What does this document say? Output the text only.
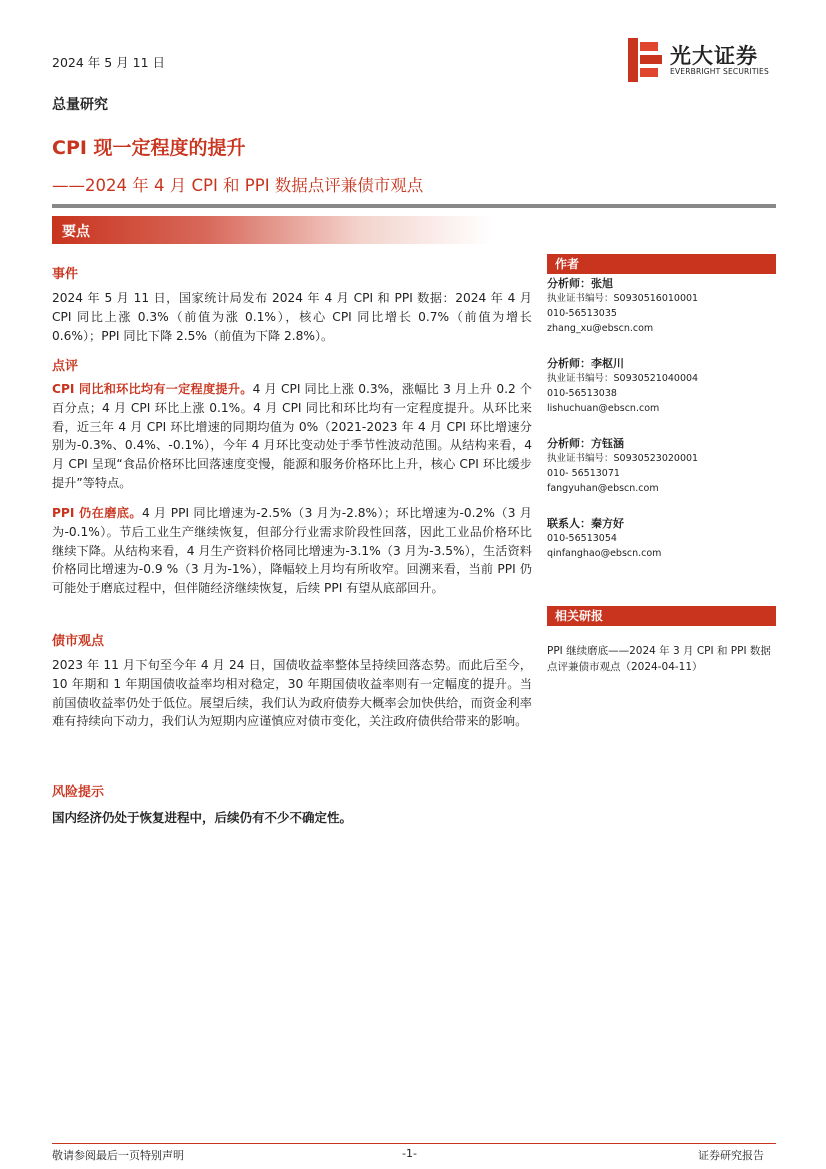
2024 年 5 月 11 日	光大证券
EVERBRIGHT SECURITIES
总量研究
CPI 现一定程度的提升
——2024 年 4 月 CPI 和 PPI 数据点评兼债市观点
要点
事件
2024 年 5 月 11 日，国家统计局发布 2024 年 4 月 CPI 和 PPI 数据：2024 年 4 月 CPI 同比上涨 0.3%（前值为涨 0.1%），核心 CPI 同比增长 0.7%（前值为增长 0.6%）；PPI 同比下降 2.5%（前值为下降 2.8%）。
点评
CPI 同比和环比均有一定程度提升。4 月 CPI 同比上涨 0.3%，涨幅比 3 月上升 0.2 个百分点；4 月 CPI 环比上涨 0.1%。4 月 CPI 同比和环比均有一定程度提升。从环比来看，近三年 4 月 CPI 环比增速的同期均值为 0%（2021-2023 年 4 月 CPI 环比增速分别为-0.3%、0.4%、-0.1%），今年 4 月环比变动处于季节性波动范围。从结构来看，4 月 CPI 呈现“食品价格环比回落速度变慢，能源和服务价格环比上升，核心 CPI 环比缓步提升”等特点。
PPI 仍在磨底。4 月 PPI 同比增速为-2.5%（3 月为-2.8%）；环比增速为-0.2%（3 月为-0.1%）。节后工业生产继续恢复，但部分行业需求阶段性回落，因此工业品价格环比继续下降。从结构来看，4 月生产资料价格同比增速为-3.1%（3 月为-3.5%），生活资料价格同比增速为-0.9 %（3 月为-1%），降幅较上月均有所收窄。回溯来看，当前 PPI 仍可能处于磨底过程中，但伴随经济继续恢复，后续 PPI 有望从底部回升。
债市观点
2023 年 11 月下旬至今年 4 月 24 日，国债收益率整体呈持续回落态势。而此后至今，10 年期和 1 年期国债收益率均相对稳定，30 年期国债收益率则有一定幅度的提升。当前国债收益率仍处于低位。展望后续，我们认为政府债券大概率会加快供给，而资金利率难有持续向下动力，我们认为短期内应谨慎应对债市变化，关注政府债供给带来的影响。
风险提示
国内经济仍处于恢复进程中，后续仍有不少不确定性。
作者
分析师：张旭
执业证书编号：S0930516010001
010-56513035
zhang_xu@ebscn.com
分析师：李枢川
执业证书编号：S0930521040004
010-56513038
lishuchuan@ebscn.com
分析师：方钰涵
执业证书编号：S0930523020001
010- 56513071
fangyuhan@ebscn.com
联系人：秦方好
010-56513054
qinfanghao@ebscn.com
相关研报
PPI 继续磨底——2024 年 3 月 CPI 和 PPI 数据点评兼债市观点（2024-04-11）
敬请参阅最后一页特别声明	-1-	证券研究报告
